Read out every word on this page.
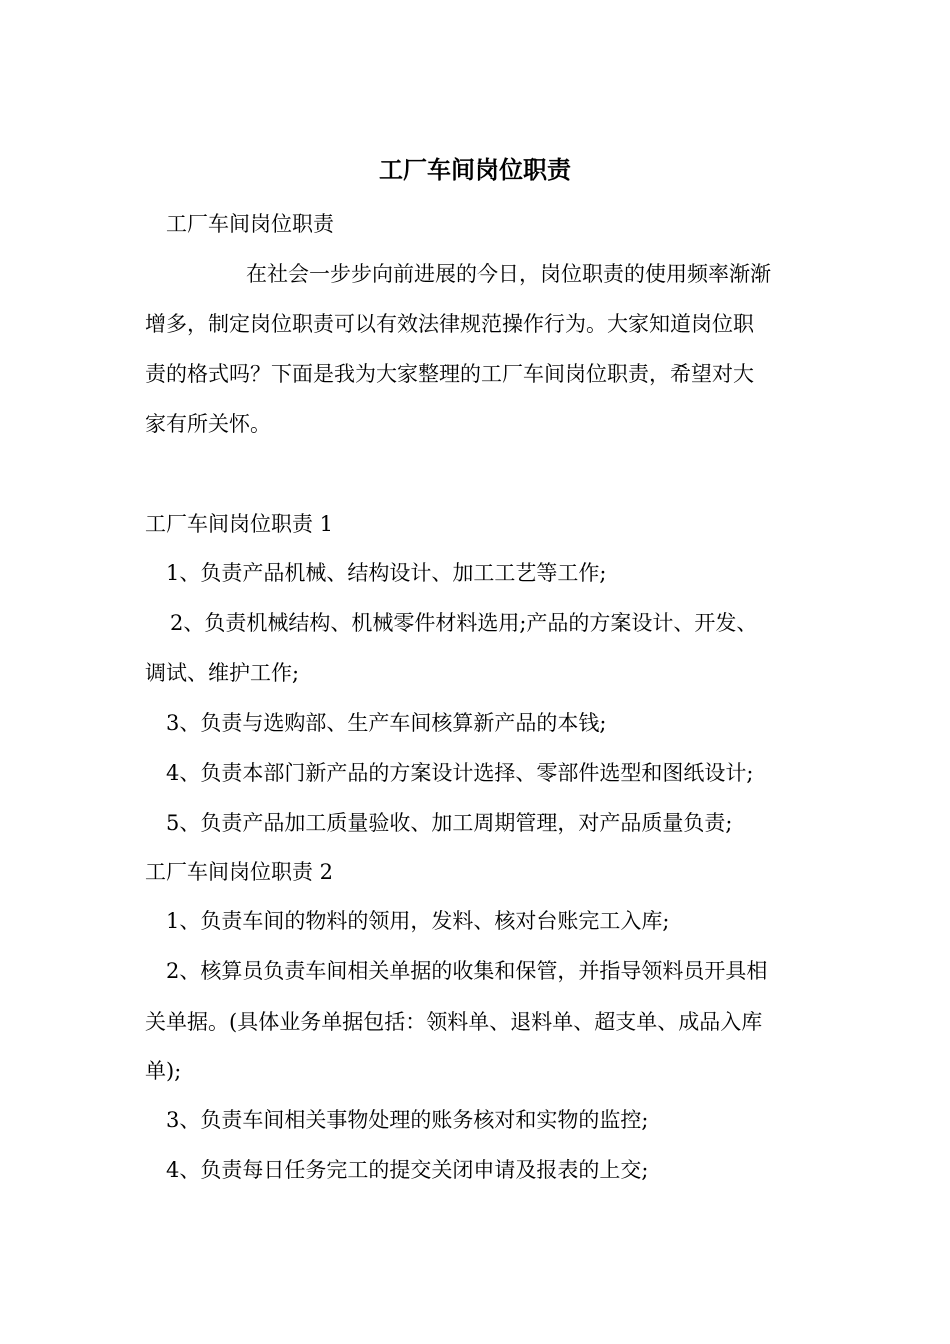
工厂车间岗位职责
工厂车间岗位职责
在社会一步步向前进展的今日，岗位职责的使用频率渐渐
增多，制定岗位职责可以有效法律规范操作行为。大家知道岗位职
责的格式吗？下面是我为大家整理的工厂车间岗位职责，希望对大
家有所关怀。
工厂车间岗位职责 1
1、负责产品机械、结构设计、加工工艺等工作;
2、负责机械结构、机械零件材料选用;产品的方案设计、开发、
调试、维护工作;
3、负责与选购部、生产车间核算新产品的本钱;
4、负责本部门新产品的方案设计选择、零部件选型和图纸设计;
5、负责产品加工质量验收、加工周期管理，对产品质量负责;
工厂车间岗位职责 2
1、负责车间的物料的领用，发料、核对台账完工入库;
2、核算员负责车间相关单据的收集和保管，并指导领料员开具相
关单据。(具体业务单据包括：领料单、退料单、超支单、成品入库
单);
3、负责车间相关事物处理的账务核对和实物的监控;
4、负责每日任务完工的提交关闭申请及报表的上交;
